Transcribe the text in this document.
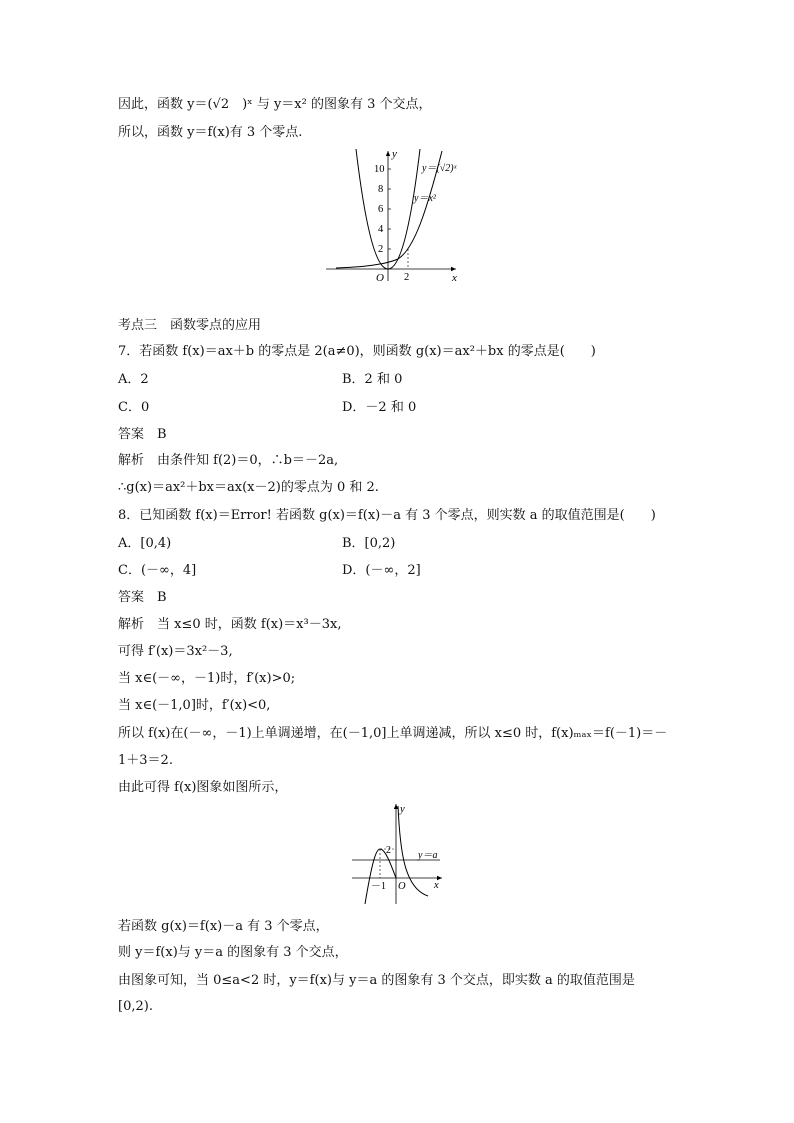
因此，函数 y＝(√2　)ˣ 与 y＝x² 的图象有 3 个交点，
所以，函数 y＝f(x)有 3 个零点.
y
x
O
10
8
6
4
2
2
y＝(√2)ˣ
y＝x²
考点三　函数零点的应用
7．若函数 f(x)＝ax＋b 的零点是 2(a≠0)，则函数 g(x)＝ax²＋bx 的零点是(　　)
A．2	B．2 和 0
C．0	D．－2 和 0
答案　B
解析　由条件知 f(2)＝0，∴b＝－2a,
∴g(x)＝ax²＋bx＝ax(x－2)的零点为 0 和 2.
8．已知函数 f(x)＝Error! 若函数 g(x)＝f(x)－a 有 3 个零点，则实数 a 的取值范围是(　　)
A．[0,4)	B．[0,2)
C．(－∞，4]	D．(－∞，2]
答案　B
解析　当 x≤0 时，函数 f(x)＝x³－3x,
可得 f′(x)＝3x²－3,
当 x∈(－∞，－1)时，f′(x)>0;
当 x∈(－1,0]时，f′(x)<0,
所以 f(x)在(－∞，－1)上单调递增，在(－1,0]上单调递减，所以 x≤0 时，f(x)ₘₐₓ＝f(－1)＝－
1＋3＝2.
由此可得 f(x)图象如图所示，
y
x
O
2
－1
y＝a
若函数 g(x)＝f(x)－a 有 3 个零点，
则 y＝f(x)与 y＝a 的图象有 3 个交点，
由图象可知，当 0≤a<2 时，y＝f(x)与 y＝a 的图象有 3 个交点，即实数 a 的取值范围是
[0,2).
